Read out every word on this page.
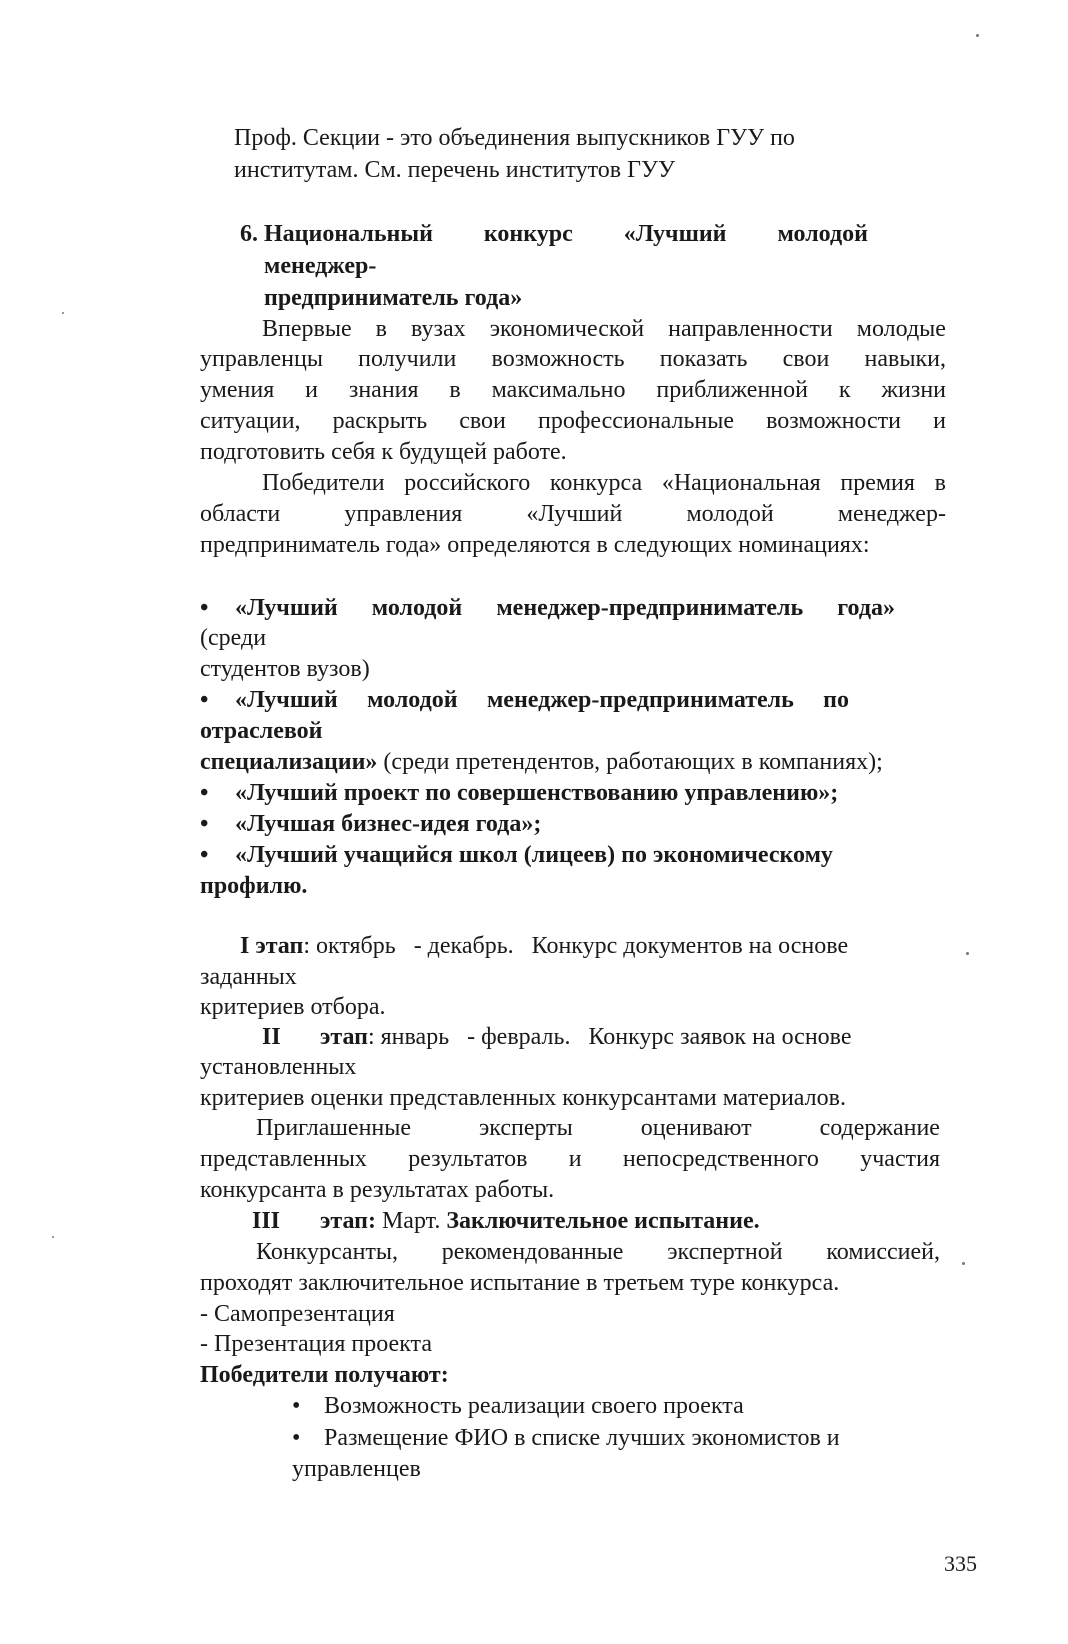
Проф. Секции - это объединения выпускников ГУУ по
институтам. См. перечень институтов ГУУ
6. Национальный конкурс «Лучший молодой
менеджер-
предприниматель года»
Впервые в вузах экономической направленности молодые
управленцы получили возможность показать свои навыки,
умения и знания в максимально приближенной к жизни
ситуации, раскрыть свои профессиональные возможности и
подготовить себя к будущей работе.
Победители российского конкурса «Национальная премия в
области	управления	«Лучший	молодой	менеджер-
предприниматель года» определяются в следующих номинациях:
• «Лучший молодой менеджер-предприниматель года»
(среди
студентов вузов)
• «Лучший молодой менеджер-предприниматель по
отраслевой
специализации» (среди претендентов, работающих в компаниях);
• «Лучший проект по совершенствованию управлению»;
• «Лучшая бизнес-идея года»;
• «Лучший учащийся школ (лицеев) по экономическому
профилю.
I этап: октябрь   - декабрь.   Конкурс документов на основе
заданных
критериев отбора.
II этап: январь   - февраль.   Конкурс заявок на основе
установленных
критериев оценки представленных конкурсантами материалов.
Приглашенные	эксперты	оценивают	содержание
представленных результатов и непосредственного участия
конкурсанта в результатах работы.
III этап: Март. Заключительное испытание.
Конкурсанты, рекомендованные экспертной комиссией,
проходят заключительное испытание в третьем туре конкурса.
- Самопрезентация
- Презентация проекта
Победители получают:
• Возможность реализации своего проекта
• Размещение ФИО в списке лучших экономистов и
управленцев
335
